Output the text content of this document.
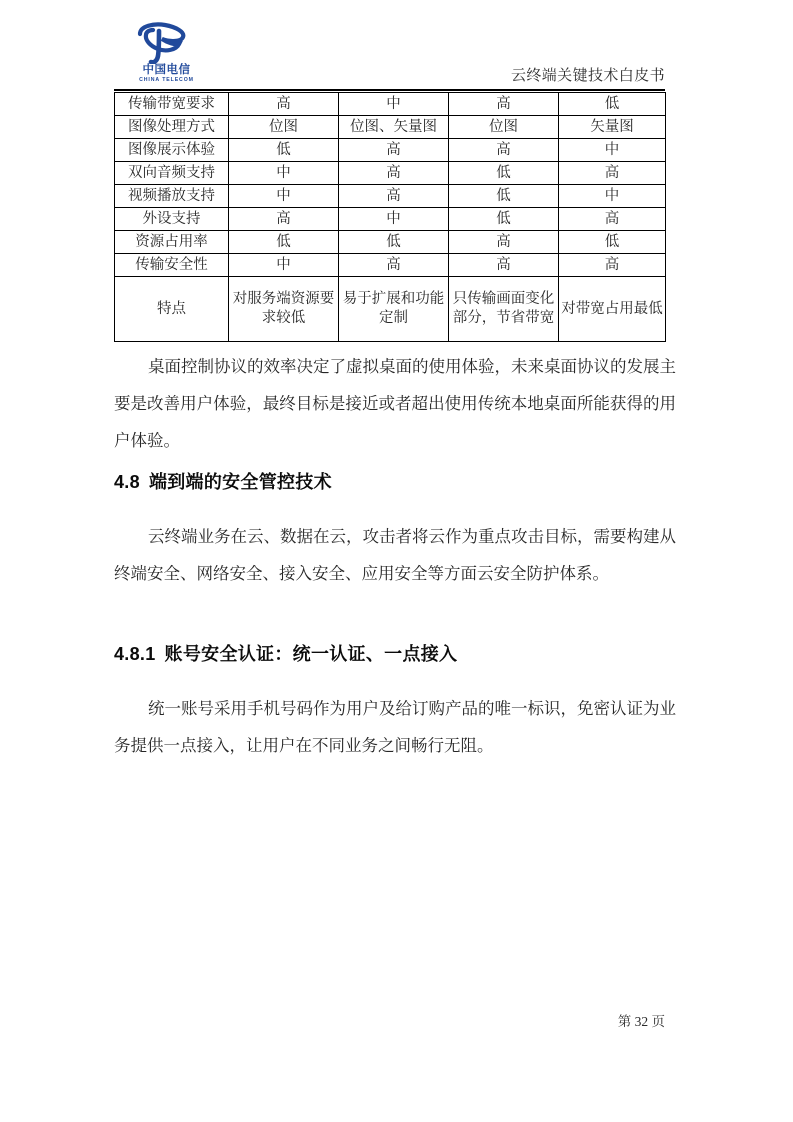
中国电信
CHINA TELECOM	云终端关键技术白皮书
传输带宽要求	高	中	高	低
图像处理方式	位图	位图、矢量图	位图	矢量图
图像展示体验	低	高	高	中
双向音频支持	中	高	低	高
视频播放支持	中	高	低	中
外设支持	高	中	低	高
资源占用率	低	低	高	低
传输安全性	中	高	高	高
特点	对服务端资源要求较低	易于扩展和功能定制	只传输画面变化部分，节省带宽	对带宽占用最低
桌面控制协议的效率决定了虚拟桌面的使用体验，未来桌面协议的发展主要是改善用户体验，最终目标是接近或者超出使用传统本地桌面所能获得的用户体验。
4.8 端到端的安全管控技术
云终端业务在云、数据在云，攻击者将云作为重点攻击目标，需要构建从终端安全、网络安全、接入安全、应用安全等方面云安全防护体系。
4.8.1 账号安全认证：统一认证、一点接入
统一账号采用手机号码作为用户及给订购产品的唯一标识，免密认证为业务提供一点接入，让用户在不同业务之间畅行无阻。
第 32 页
